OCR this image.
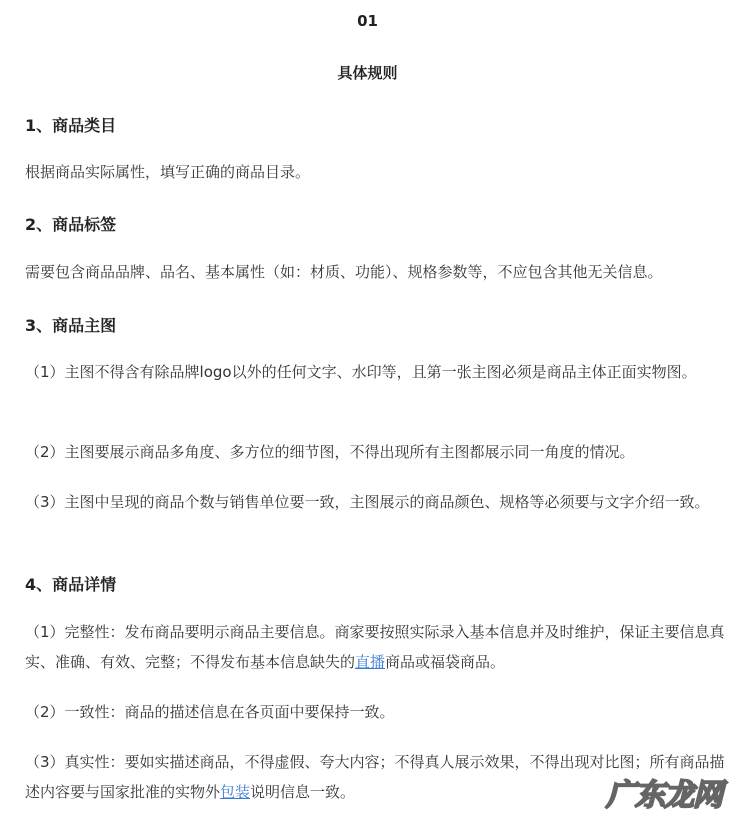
01
具体规则
1、商品类目
根据商品实际属性，填写正确的商品目录。
2、商品标签
需要包含商品品牌、品名、基本属性（如：材质、功能）、规格参数等，不应包含其他无关信息。
3、商品主图
（1）主图不得含有除品牌logo以外的任何文字、水印等，且第一张主图必须是商品主体正面实物图。
（2）主图要展示商品多角度、多方位的细节图，不得出现所有主图都展示同一角度的情况。
（3）主图中呈现的商品个数与销售单位要一致，主图展示的商品颜色、规格等必须要与文字介绍一致。
4、商品详情
（1）完整性：发布商品要明示商品主要信息。商家要按照实际录入基本信息并及时维护，保证主要信息真实、准确、有效、完整；不得发布基本信息缺失的直播商品或福袋商品。
（2）一致性：商品的描述信息在各页面中要保持一致。
（3）真实性：要如实描述商品，不得虚假、夸大内容；不得真人展示效果，不得出现对比图；所有商品描述内容要与国家批准的实物外包装说明信息一致。	广东龙网
